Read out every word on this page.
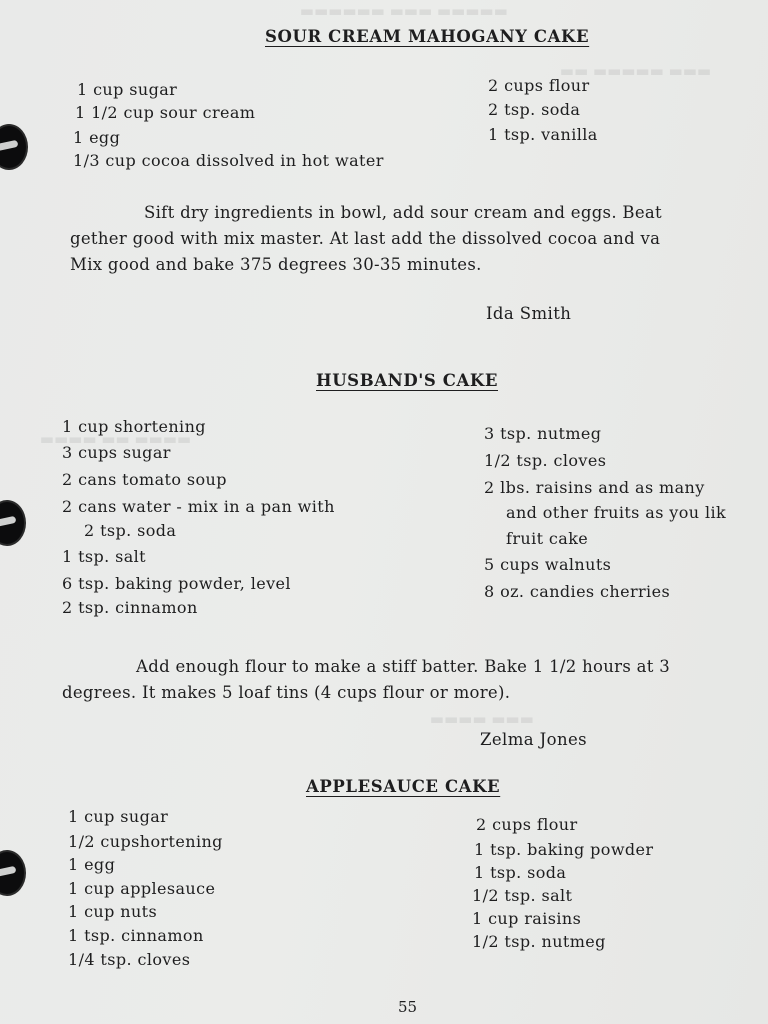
▬▬▬▬▬ ▬▬▬ ▬▬▬▬▬▬
▬▬▬ ▬▬▬▬▬ ▬▬
▬▬▬▬ ▬▬ ▬▬▬▬
▬▬▬ ▬▬▬▬
SOUR CREAM MAHOGANY CAKE
1 cup sugar
1 1/2 cup sour cream
1 egg
1/3 cup cocoa dissolved in hot water
2 cups flour
2 tsp. soda
1 tsp. vanilla
Sift dry ingredients in bowl, add sour cream and eggs. Beat
gether good with mix master. At last add the dissolved cocoa and va
Mix good and bake 375 degrees 30-35 minutes.
Ida Smith
HUSBAND'S CAKE
1 cup shortening
3 cups sugar
2 cans tomato soup
2 cans water - mix in a pan with
2 tsp. soda
1 tsp. salt
6 tsp. baking powder, level
2 tsp. cinnamon
3 tsp. nutmeg
1/2 tsp. cloves
2 lbs. raisins and as many
and other fruits as you lik
fruit cake
5 cups walnuts
8 oz. candies cherries
Add enough flour to make a stiff batter. Bake 1 1/2 hours at 3
degrees. It makes 5 loaf tins (4 cups flour or more).
Zelma Jones
APPLESAUCE CAKE
1 cup sugar
1/2 cupshortening
1 egg
1 cup applesauce
1 cup nuts
1 tsp. cinnamon
1/4 tsp. cloves
2 cups flour
1 tsp. baking powder
1 tsp. soda
1/2 tsp. salt
1 cup raisins
1/2 tsp. nutmeg
55
